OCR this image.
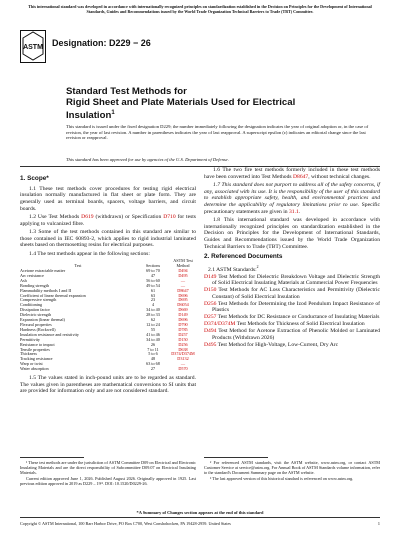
This international standard was developed in accordance with internationally recognized principles on standardization established in the Decision on Principles for the Development of International Standards, Guides and Recommendations issued by the World Trade Organization Technical Barriers to Trade (TBT) Committee.
ASTM Designation: D229 − 26
Standard Test Methods for
Rigid Sheet and Plate Materials Used for Electrical
Insulation$^1$
This standard is issued under the fixed designation D229; the number immediately following the designation indicates the year of original adoption or, in the case of revision, the year of last revision. A number in parentheses indicates the year of last reapproval. A superscript epsilon (ε) indicates an editorial change since the last revision or reapproval.
This standard has been approved for use by agencies of the U.S. Department of Defense.
1. Scope*

1.1 These test methods cover procedures for testing rigid electrical insulation normally manufactured in flat sheet or plate form. They are generally used as terminal boards, spacers, voltage barriers, and circuit boards.

1.2 Use Test Methods D619 (withdrawn) or Specification D710 for tests applying to vulcanized fibre.

1.3 Some of the test methods contained in this standard are similar to those contained in IEC 60893-2, which applies to rigid industrial laminated sheets based on thermosetting resins for electrical purposes.

1.4 The test methods appear in the following sections:

Test	Sections	ASTM Test Method
Acetone extractable matter	69 to 70	D494
Arc resistance	47	D495
Ash	56 to 60	—
Bonding strength	49 to 54	—
Flammability methods I and II	61	D8647
Coefficient of linear thermal expansion	63	D696
Compressive strength	23	D695
Conditioning	4	D6054
Dissipation factor	34 to 40	D669
Dielectric strength	28 to 33	D149
Expansion (linear thermal)	62	D696
Flexural properties	12 to 24	D790
Hardness (Rockwell)	55	D785
Insulation resistance and resistivity	41 to 46	D257
Permittivity	34 to 40	D150
Resistance to impact	26	D256
Tensile properties	7 to 11	D638
Thickness	5 to 6	D374/D374M
Tracking resistance	48	D3132
Warp or twist	63 to 68	—
Water absorption	27	D570

1.5 The values stated in inch-pound units are to be regarded as standard. The values given in parentheses are mathematical conversions to SI units that are provided for information only and are not considered standard.

1.6 The two fire test methods formerly included in these test methods have been converted into Test Methods D8647, without technical changes.

1.7 This standard does not purport to address all of the safety concerns, if any, associated with its use. It is the responsibility of the user of this standard to establish appropriate safety, health, and environmental practices and determine the applicability of regulatory limitations prior to use. Specific precautionary statements are given in 31.1.

1.8 This international standard was developed in accordance with internationally recognized principles on standardization established in the Decision on Principles for the Development of International Standards, Guides and Recommendations issued by the World Trade Organization Technical Barriers to Trade (TBT) Committee.

2. Referenced Documents
2.1 ASTM Standards:$^2$
D149 Test Method for Dielectric Breakdown Voltage and Dielectric Strength of Solid Electrical Insulating Materials at Commercial Power Frequencies
D150 Test Methods for AC Loss Characteristics and Permittivity (Dielectric Constant) of Solid Electrical Insulation
D256 Test Methods for Determining the Izod Pendulum Impact Resistance of Plastics
D257 Test Methods for DC Resistance or Conductance of Insulating Materials
D374/D374M Test Methods for Thickness of Solid Electrical Insulation
D494 Test Method for Acetone Extraction of Phenolic Molded or Laminated Products (Withdrawn 2026)
D495 Test Method for High-Voltage, Low-Current, Dry Arc

¹ These test methods are under the jurisdiction of ASTM Committee D09 on Electrical and Electronic Insulating Materials and are the direct responsibility of Subcommittee D09.07 on Electrical Insulating Materials.

Current edition approved June 1, 2026. Published August 2026. Originally approved in 1925. Last previous edition approved in 2019 as D229 – 19ᵉ¹. DOI: 10.1520/D0229-26.

² For referenced ASTM standards, visit the ASTM website, www.astm.org, or contact ASTM Customer Service at service@astm.org. For Annual Book of ASTM Standards volume information, refer to the standard's Document Summary page on the ASTM website.

³ The last approved version of this historical standard is referenced on www.astm.org.

*A Summary of Changes section appears at the end of this standard
Copyright © ASTM International, 100 Barr Harbor Drive, PO Box C700, West Conshohocken, PA 19428-2959. United States	1
